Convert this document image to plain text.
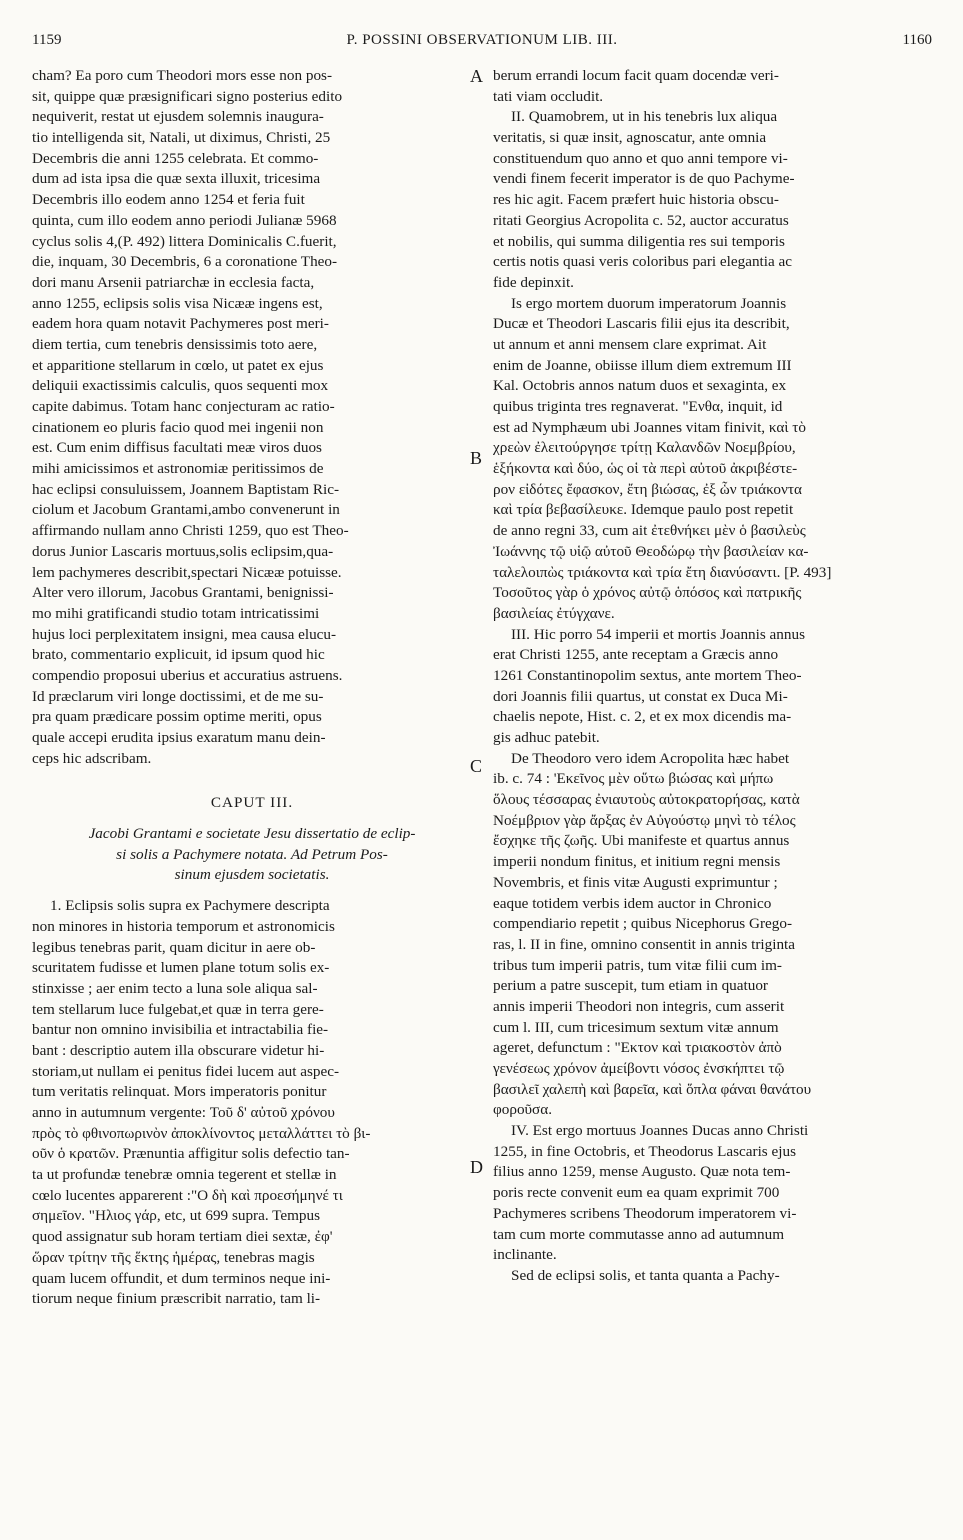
1159	P. POSSINI OBSERVATIONUM LIB. III.	1160
cham? Ea poro cum Theodori mors esse non pos-
sit, quippe quæ præsignificari signo posterius edito
nequiverit, restat ut ejusdem solemnis inaugura-
tio intelligenda sit, Natali, ut diximus, Christi, 25
Decembris die anni 1255 celebrata. Et commo-
dum ad ista ipsa die quæ sexta illuxit, tricesima
Decembris illo eodem anno 1254 et feria fuit
quinta, cum illo eodem anno periodi Julianæ 5968
cyclus solis 4,(P. 492) littera Dominicalis C.fuerit,
die, inquam, 30 Decembris, 6 a coronatione Theo-
dori manu Arsenii patriarchæ in ecclesia facta,
anno 1255, eclipsis solis visa Nicææ ingens est,
eadem hora quam notavit Pachymeres post meri-
diem tertia, cum tenebris densissimis toto aere,
et apparitione stellarum in cœlo, ut patet ex ejus
deliquii exactissimis calculis, quos sequenti mox
capite dabimus. Totam hanc conjecturam ac ratio-
cinationem eo pluris facio quod mei ingenii non
est. Cum enim diffisus facultati meæ viros duos
mihi amicissimos et astronomiæ peritissimos de
hac eclipsi consuluissem, Joannem Baptistam Ric-
ciolum et Jacobum Grantami,ambo convenerunt in
affirmando nullam anno Christi 1259, quo est Theo-
dorus Junior Lascaris mortuus,solis eclipsim,qua-
lem pachymeres describit,spectari Nicææ potuisse.
Alter vero illorum, Jacobus Grantami, benignissi-
mo mihi gratificandi studio totam intricatissimi
hujus loci perplexitatem insigni, mea causa elucu-
brato, commentario explicuit, id ipsum quod hic
compendio proposui uberius et accuratius astruens.
Id præclarum viri longe doctissimi, et de me su-
pra quam prædicare possim optime meriti, opus
quale accepi erudita ipsius exaratum manu dein-
ceps hic adscribam.
CAPUT III.
Jacobi Grantami e societate Jesu dissertatio de eclip-
si solis a Pachymere notata. Ad Petrum Pos-
sinum ejusdem societatis.
1. Eclipsis solis supra ex Pachymere descripta
non minores in historia temporum et astronomicis
legibus tenebras parit, quam dicitur in aere ob-
scuritatem fudisse et lumen plane totum solis ex-
stinxisse ; aer enim tecto a luna sole aliqua sal-
tem stellarum luce fulgebat,et quæ in terra gere-
bantur non omnino invisibilia et intractabilia fie-
bant : descriptio autem illa obscurare videtur hi-
storiam,ut nullam ei penitus fidei lucem aut aspec-
tum veritatis relinquat. Mors imperatoris ponitur
anno in autumnum vergente: Τοῦ δ' αὐτοῦ χρόνου
πρὸς τὸ φθινοπωρινὸν ἀποκλίνοντος μεταλλάττει τὸ βι-
οῦν ὁ κρατῶν. Prænuntia affigitur solis defectio tan-
ta ut profundæ tenebræ omnia tegerent et stellæ in
cœlo lucentes apparerent :"Ο δὴ καὶ προεσήμηνέ τι
σημεῖον. "Ηλιος γάρ, etc, ut 699 supra. Tempus
quod assignatur sub horam tertiam diei sextæ, ἐφ'
ὥραν τρίτην τῆς ἕκτης ἡμέρας, tenebras magis
quam lucem offundit, et dum terminos neque ini-
tiorum neque finium præscribit narratio, tam li-
berum errandi locum facit quam docendæ veri-
tati viam occludit.
II. Quamobrem, ut in his tenebris lux aliqua
veritatis, si quæ insit, agnoscatur, ante omnia
constituendum quo anno et quo anni tempore vi-
vendi finem fecerit imperator is de quo Pachyme-
res hic agit. Facem præfert huic historia obscu-
ritati Georgius Acropolita c. 52, auctor accuratus
et nobilis, qui summa diligentia res sui temporis
certis notis quasi veris coloribus pari elegantia ac
fide depinxit.
Is ergo mortem duorum imperatorum Joannis
Ducæ et Theodori Lascaris filii ejus ita describit,
ut annum et anni mensem clare exprimat. Ait
enim de Joanne, obiisse illum diem extremum III
Kal. Octobris annos natum duos et sexaginta, ex
quibus triginta tres regnaverat. "Ενθα, inquit, id
est ad Nymphæum ubi Joannes vitam finivit, καὶ τὸ
χρεὼν ἐλειτούργησε τρίτῃ Καλανδῶν Νοεμβρίου,
ἑξήκοντα καὶ δύο, ὡς οἱ τὰ περὶ αὐτοῦ ἀκριβέστε-
ρον εἰδότες ἔφασκον, ἔτη βιώσας, ἐξ ὧν τριάκοντα
καὶ τρία βεβασίλευκε. Idemque paulo post repetit
de anno regni 33, cum ait ἐτεθνήκει μὲν ὁ βασιλεὺς
Ἰωάννης τῷ υἱῷ αὐτοῦ Θεοδώρῳ τὴν βασιλείαν κα-
ταλελοιπὼς τριάκοντα καὶ τρία ἔτη διανύσαντι. [P. 493]
Τοσοῦτος γὰρ ὁ χρόνος αὐτῷ ὁπόσος καὶ πατρικῆς
βασιλείας ἐτύγχανε.
III. Hic porro 54 imperii et mortis Joannis annus
erat Christi 1255, ante receptam a Græcis anno
1261 Constantinopolim sextus, ante mortem Theo-
dori Joannis filii quartus, ut constat ex Duca Mi-
chaelis nepote, Hist. c. 2, et ex mox dicendis ma-
gis adhuc patebit.
De Theodoro vero idem Acropolita hæc habet
ib. c. 74 : 'Εκεῖνος μὲν οὕτω βιώσας καὶ μήπω
ὅλους τέσσαρας ἐνιαυτοὺς αὐτοκρατορήσας, κατὰ
Νοέμβριον γὰρ ἄρξας ἐν Αὐγούστῳ μηνὶ τὸ τέλος
ἔσχηκε τῆς ζωῆς. Ubi manifeste et quartus annus
imperii nondum finitus, et initium regni mensis
Novembris, et finis vitæ Augusti exprimuntur ;
eaque totidem verbis idem auctor in Chronico
compendiario repetit ; quibus Nicephorus Grego-
ras, l. II in fine, omnino consentit in annis triginta
tribus tum imperii patris, tum vitæ filii cum im-
perium a patre suscepit, tum etiam in quatuor
annis imperii Theodori non integris, cum asserit
cum l. III, cum tricesimum sextum vitæ annum
ageret, defunctum : "Εκτον καὶ τριακοστὸν ἀπὸ
γενέσεως χρόνον ἀμείβοντι νόσος ἐνσκήπτει τῷ
βασιλεῖ χαλεπὴ καὶ βαρεῖα, καὶ ὅπλα φάναι θανάτου
φοροῦσα.
IV. Est ergo mortuus Joannes Ducas anno Christi
1255, in fine Octobris, et Theodorus Lascaris ejus
filius anno 1259, mense Augusto. Quæ nota tem-
poris recte convenit eum ea quam exprimit 700
Pachymeres scribens Theodorum imperatorem vi-
tam cum morte commutasse anno ad autumnum
inclinante.
Sed de eclipsi solis, et tanta quanta a Pachy-
A
B
C
D
